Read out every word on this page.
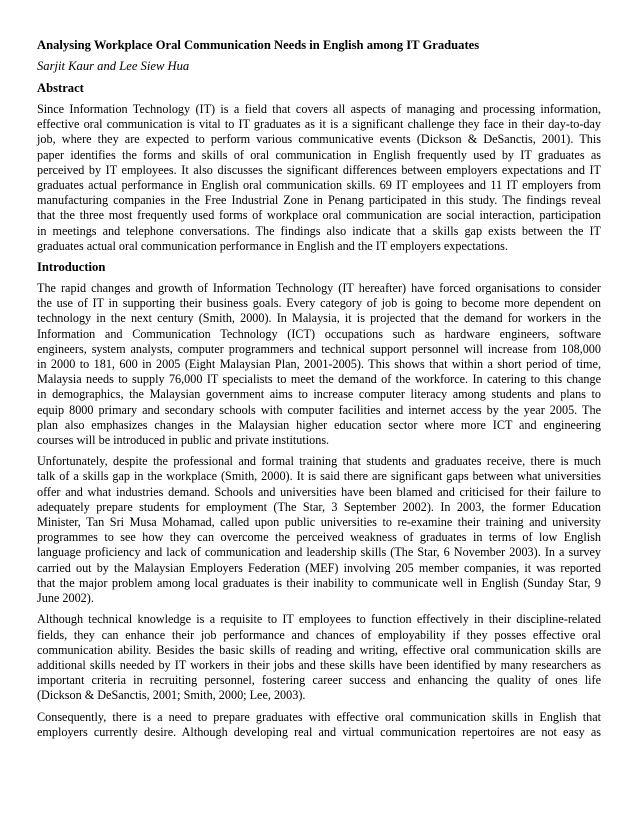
Analysing Workplace Oral Communication Needs in English among IT Graduates
Sarjit Kaur and Lee Siew Hua
Abstract
Since Information Technology (IT) is a field that covers all aspects of managing and processing information,
effective oral communication is vital to IT graduates as it is a significant challenge they face in their day-to-day
job, where they are expected to perform various communicative events (Dickson & DeSanctis, 2001). This
paper identifies the forms and skills of oral communication in English frequently used by IT graduates as
perceived by IT employees. It also discusses the significant differences between employers expectations and IT
graduates actual performance in English oral communication skills. 69 IT employees and 11 IT employers from
manufacturing companies in the Free Industrial Zone in Penang participated in this study. The findings reveal
that the three most frequently used forms of workplace oral communication are social interaction, participation
in meetings and telephone conversations. The findings also indicate that a skills gap exists between the IT
graduates actual oral communication performance in English and the IT employers expectations.
Introduction
The rapid changes and growth of Information Technology (IT hereafter) have forced organisations to consider
the use of IT in supporting their business goals. Every category of job is going to become more dependent on
technology in the next century (Smith, 2000). In Malaysia, it is projected that the demand for workers in the
Information and Communication Technology (ICT) occupations such as hardware engineers, software
engineers, system analysts, computer programmers and technical support personnel will increase from 108,000
in 2000 to 181, 600 in 2005 (Eight Malaysian Plan, 2001-2005). This shows that within a short period of time,
Malaysia needs to supply 76,000 IT specialists to meet the demand of the workforce. In catering to this change
in demographics, the Malaysian government aims to increase computer literacy among students and plans to
equip 8000 primary and secondary schools with computer facilities and internet access by the year 2005. The
plan also emphasizes changes in the Malaysian higher education sector where more ICT and engineering
courses will be introduced in public and private institutions.
Unfortunately, despite the professional and formal training that students and graduates receive, there is much
talk of a skills gap in the workplace (Smith, 2000). It is said there are significant gaps between what universities
offer and what industries demand. Schools and universities have been blamed and criticised for their failure to
adequately prepare students for employment (The Star, 3 September 2002). In 2003, the former Education
Minister, Tan Sri Musa Mohamad, called upon public universities to re-examine their training and university
programmes to see how they can overcome the perceived weakness of graduates in terms of low English
language proficiency and lack of communication and leadership skills (The Star, 6 November 2003). In a survey
carried out by the Malaysian Employers Federation (MEF) involving 205 member companies, it was reported
that the major problem among local graduates is their inability to communicate well in English (Sunday Star, 9
June 2002).
Although technical knowledge is a requisite to IT employees to function effectively in their discipline-related
fields, they can enhance their job performance and chances of employability if they posses effective oral
communication ability. Besides the basic skills of reading and writing, effective oral communication skills are
additional skills needed by IT workers in their jobs and these skills have been identified by many researchers as
important criteria in recruiting personnel, fostering career success and enhancing the quality of ones life
(Dickson & DeSanctis, 2001; Smith, 2000; Lee, 2003).
Consequently, there is a need to prepare graduates with effective oral communication skills in English that
employers currently desire. Although developing real and virtual communication repertoires are not easy as
